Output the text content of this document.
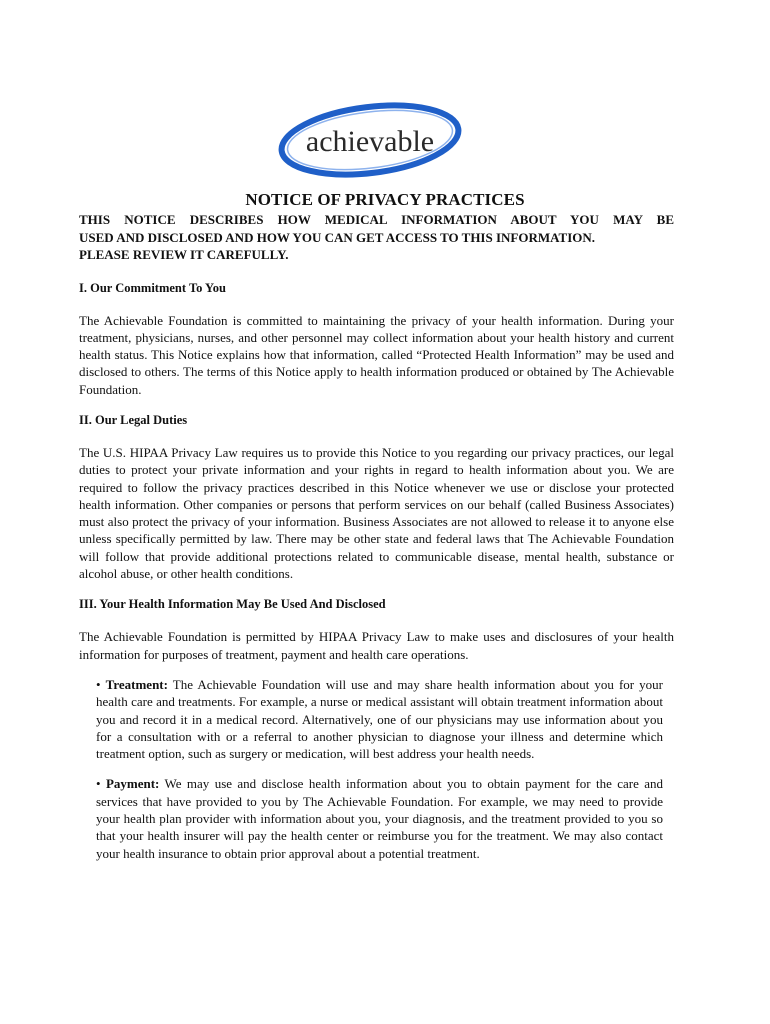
achievable
NOTICE OF PRIVACY PRACTICES

THIS NOTICE DESCRIBES HOW MEDICAL INFORMATION ABOUT YOU MAY BE

USED AND DISCLOSED AND HOW YOU CAN GET ACCESS TO THIS INFORMATION.

PLEASE REVIEW IT CAREFULLY.

I. Our Commitment To You

The Achievable Foundation is committed to maintaining the privacy of your health information. During your treatment, physicians, nurses, and other personnel may collect information about your health history and current health status. This Notice explains how that information, called “Protected Health Information” may be used and disclosed to others. The terms of this Notice apply to health information produced or obtained by The Achievable Foundation.

II. Our Legal Duties

The U.S. HIPAA Privacy Law requires us to provide this Notice to you regarding our privacy practices, our legal duties to protect your private information and your rights in regard to health information about you. We are required to follow the privacy practices described in this Notice whenever we use or disclose your protected health information. Other companies or persons that perform services on our behalf (called Business Associates) must also protect the privacy of your information. Business Associates are not allowed to release it to anyone else unless specifically permitted by law. There may be other state and federal laws that The Achievable Foundation will follow that provide additional protections related to communicable disease, mental health, substance or alcohol abuse, or other health conditions.

III. Your Health Information May Be Used And Disclosed

The Achievable Foundation is permitted by HIPAA Privacy Law to make uses and disclosures of your health information for purposes of treatment, payment and health care operations.

• Treatment: The Achievable Foundation will use and may share health information about you for your health care and treatments. For example, a nurse or medical assistant will obtain treatment information about you and record it in a medical record. Alternatively, one of our physicians may use information about you for a consultation with or a referral to another physician to diagnose your illness and determine which treatment option, such as surgery or medication, will best address your health needs.

• Payment: We may use and disclose health information about you to obtain payment for the care and services that have provided to you by The Achievable Foundation. For example, we may need to provide your health plan provider with information about you, your diagnosis, and the treatment provided to you so that your health insurer will pay the health center or reimburse you for the treatment. We may also contact your health insurance to obtain prior approval about a potential treatment.
